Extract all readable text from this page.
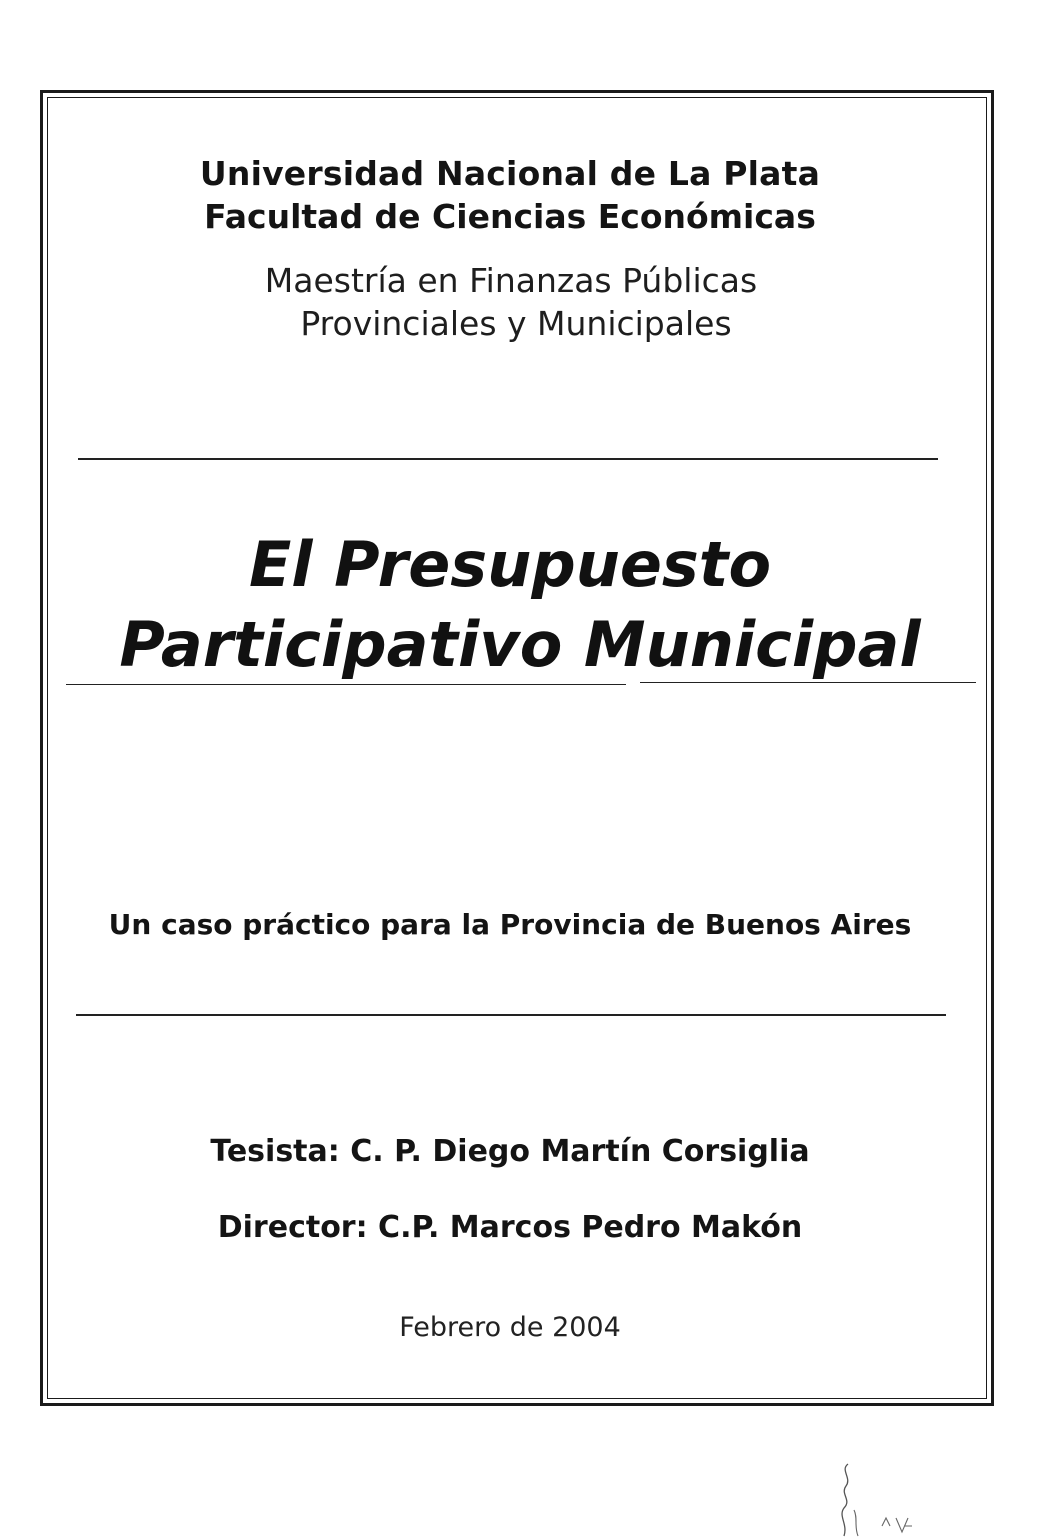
Universidad Nacional de La Plata
Facultad de Ciencias Económicas
Maestría en Finanzas Públicas
Provinciales y Municipales
El Presupuesto
Participativo Municipal
Un caso práctico para la Provincia de Buenos Aires
Tesista: C. P. Diego Martín Corsiglia
Director: C.P. Marcos Pedro Makón
Febrero de 2004
